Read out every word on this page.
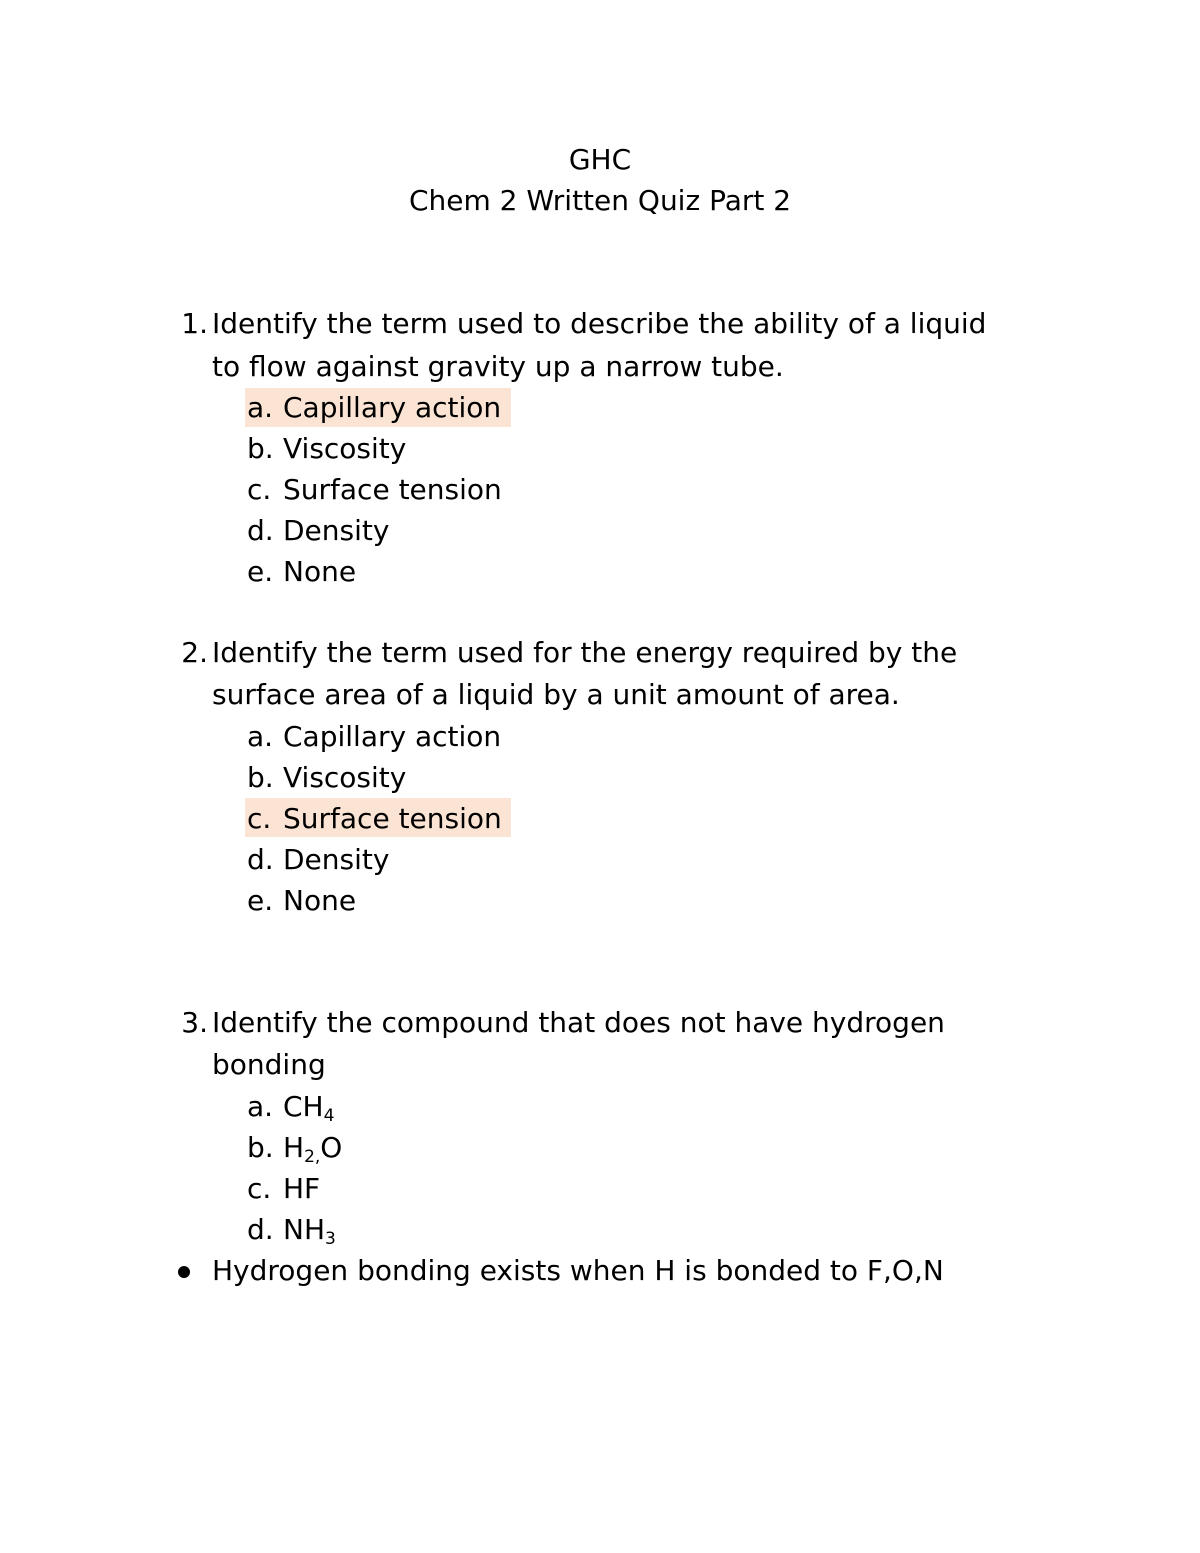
GHC
Chem 2 Written Quiz Part 2
1. Identify the term used to describe the ability of a liquid
to flow against gravity up a narrow tube.
a. Capillary action
b. Viscosity
c. Surface tension
d. Density
e. None
2. Identify the term used for the energy required by the
surface area of a liquid by a unit amount of area.
a. Capillary action
b. Viscosity
c. Surface tension
d. Density
e. None
3. Identify the compound that does not have hydrogen
bonding
a. $CH_4$
b. $H_{2,}O$
c. HF
d. $NH_3$
Hydrogen bonding exists when H is bonded to F,O,N
